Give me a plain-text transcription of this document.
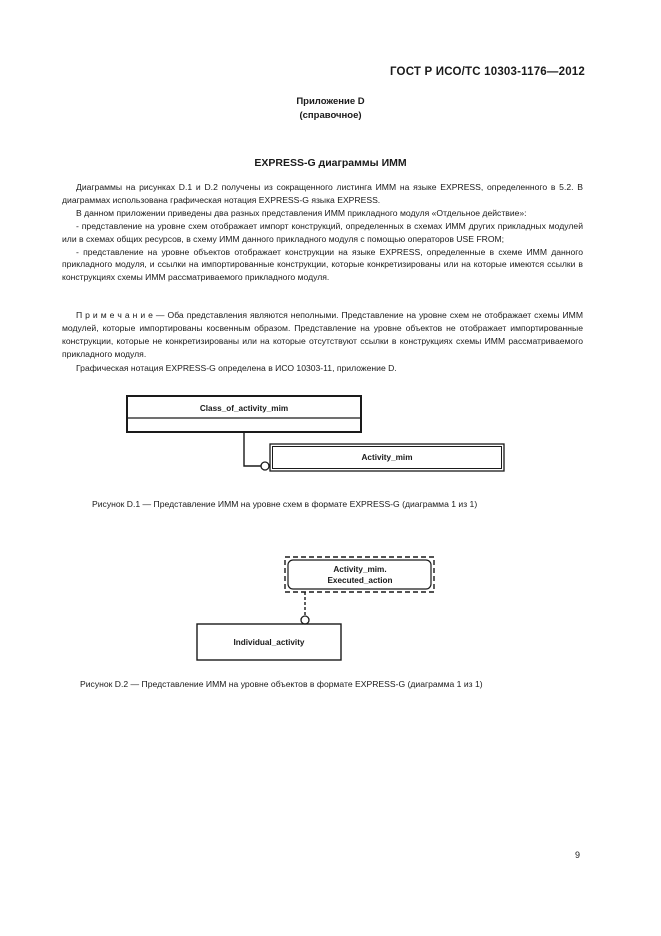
ГОСТ Р ИСО/ТС 10303-1176—2012
Приложение D
(справочное)
EXPRESS-G диаграммы ИММ

Диаграммы на рисунках D.1 и D.2 получены из сокращенного листинга ИММ на языке EXPRESS, определенного в 5.2. В диаграммах использована графическая нотация EXPRESS-G языка EXPRESS.

В данном приложении приведены два разных представления ИММ прикладного модуля «Отдельное действие»:

- представление на уровне схем отображает импорт конструкций, определенных в схемах ИММ других прикладных модулей или в схемах общих ресурсов, в схему ИММ данного прикладного модуля с помощью операторов USE FROM;

- представление на уровне объектов отображает конструкции на языке EXPRESS, определенные в схеме ИММ данного прикладного модуля, и ссылки на импортированные конструкции, которые конкретизированы или на которые имеются ссылки в конструкциях схемы ИММ рассматриваемого прикладного модуля.

П р и м е ч а н и е — Оба представления являются неполными. Представление на уровне схем не отображает схемы ИММ модулей, которые импортированы косвенным образом. Представление на уровне объектов не отображает импортированные конструкции, которые не конкретизированы или на которые отсутствуют ссылки в конструкциях схемы ИММ рассматриваемого прикладного модуля.

Графическая нотация EXPRESS-G определена в ИСО 10303-11, приложение D.

Class_of_activity_mim
Activity_mim
Рисунок D.1 — Представление ИММ на уровне схем в формате EXPRESS-G (диаграмма 1 из 1)
Activity_mim.
Executed_action
Individual_activity
Рисунок D.2 — Представление ИММ на уровне объектов в формате EXPRESS-G (диаграмма 1 из 1)
9
